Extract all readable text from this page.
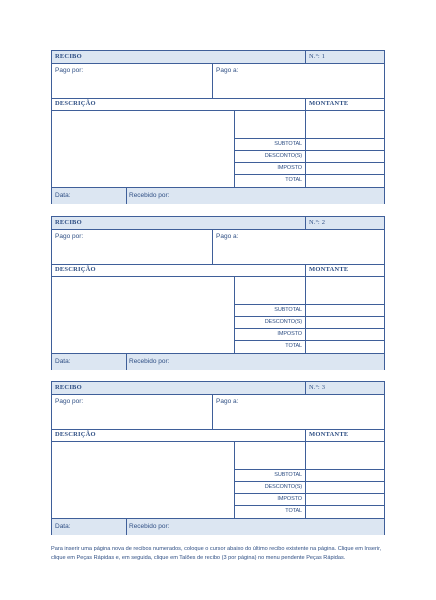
RECIBO	N.º: 1
Pago por:	Pago a:
DESCRIÇÃO	MONTANTE
SUBTOTAL
DESCONTO(S)
IMPOSTO
TOTAL
Data:	Recebido por:
RECIBO	N.º: 2
Pago por:	Pago a:
DESCRIÇÃO	MONTANTE
SUBTOTAL
DESCONTO(S)
IMPOSTO
TOTAL
Data:	Recebido por:
RECIBO	N.º: 3
Pago por:	Pago a:
DESCRIÇÃO	MONTANTE
SUBTOTAL
DESCONTO(S)
IMPOSTO
TOTAL
Data:	Recebido por:
Para inserir uma página nova de recibos numerados, coloque o cursor abaixo do último recibo existente na página. Clique em Inserir, clique em Peças Rápidas e, em seguida, clique em Talões de recibo (3 por página) no menu pendente Peças Rápidas.
